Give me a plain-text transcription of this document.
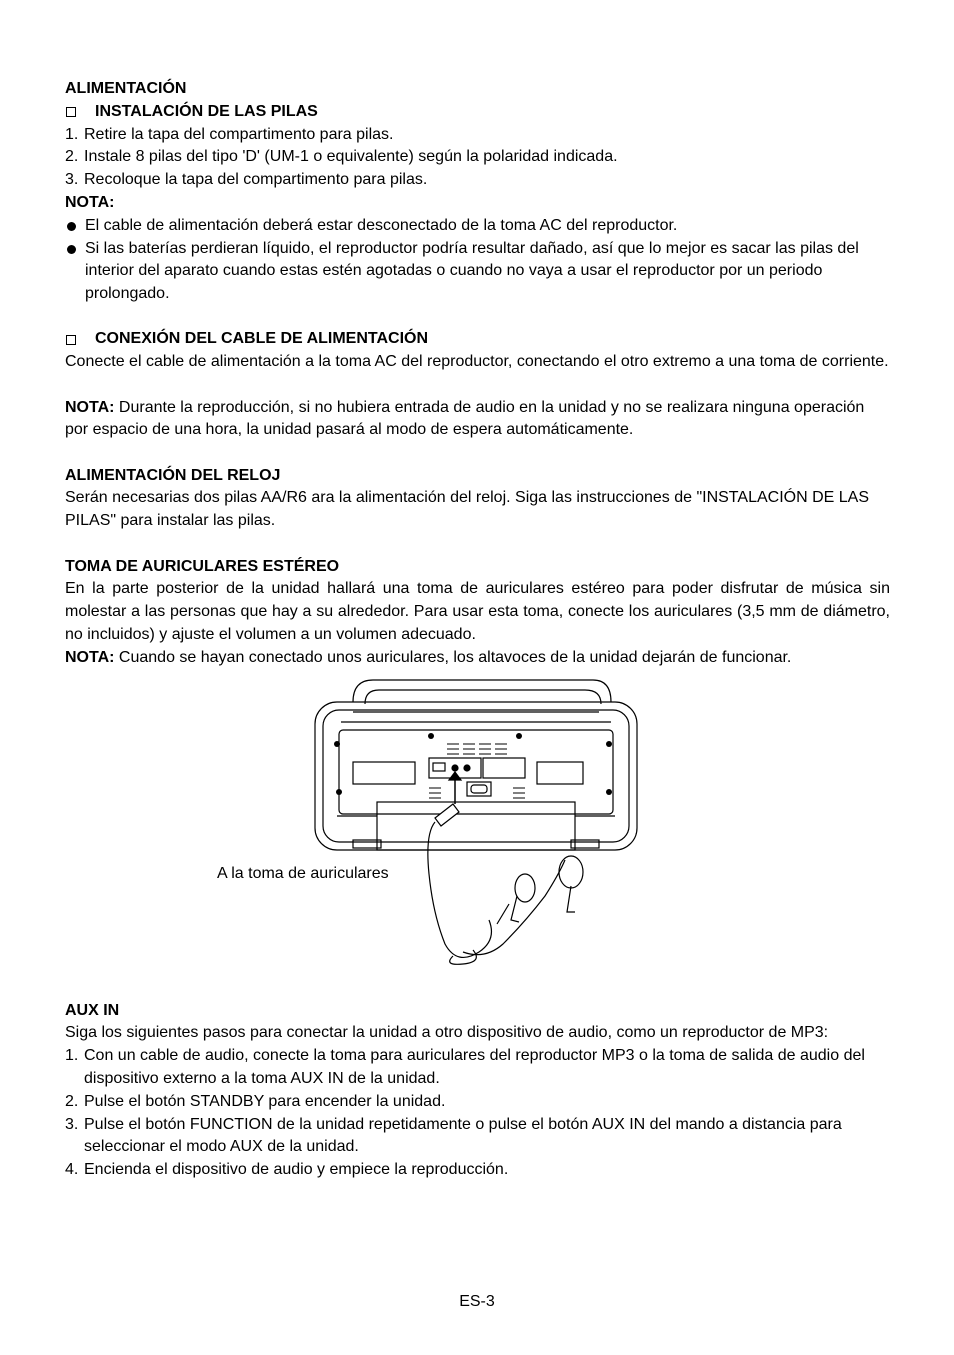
ALIMENTACIÓN

INSTALACIÓN DE LAS PILAS

1. Retire la tapa del compartimento para pilas.
2. Instale 8 pilas del tipo 'D' (UM-1 o equivalente) según la polaridad indicada.
3. Recoloque la tapa del compartimento para pilas.

NOTA:

El cable de alimentación deberá estar desconectado de la toma AC del reproductor.
Si las baterías perdieran líquido, el reproductor podría resultar dañado, así que lo mejor es sacar las pilas del interior del aparato cuando estas estén agotadas o cuando no vaya a usar el reproductor por un periodo prolongado.

CONEXIÓN DEL CABLE DE ALIMENTACIÓN

Conecte el cable de alimentación a la toma AC del reproductor, conectando el otro extremo a una toma de corriente.

NOTA: Durante la reproducción, si no hubiera entrada de audio en la unidad y no se realizara ninguna operación por espacio de una hora, la unidad pasará al modo de espera automáticamente.

ALIMENTACIÓN DEL RELOJ

Serán necesarias dos pilas AA/R6 ara la alimentación del reloj. Siga las instrucciones de "INSTALACIÓN DE LAS PILAS" para instalar las pilas.

TOMA DE AURICULARES ESTÉREO

En la parte posterior de la unidad hallará una toma de auriculares estéreo para poder disfrutar de música sin molestar a las personas que hay a su alrededor. Para usar esta toma, conecte los auriculares (3,5 mm de diámetro, no incluidos) y ajuste el volumen a un volumen adecuado.

NOTA: Cuando se hayan conectado unos auriculares, los altavoces de la unidad dejarán de funcionar.

A la toma de auriculares

AUX IN

Siga los siguientes pasos para conectar la unidad a otro dispositivo de audio, como un reproductor de MP3:

1. Con un cable de audio, conecte la toma para auriculares del reproductor MP3 o la toma de salida de audio del dispositivo externo a la toma AUX IN de la unidad.
2. Pulse el botón STANDBY para encender la unidad.
3. Pulse el botón FUNCTION de la unidad repetidamente o pulse el botón AUX IN del mando a distancia para seleccionar el modo AUX de la unidad.
4. Encienda el dispositivo de audio y empiece la reproducción.
ES-3
